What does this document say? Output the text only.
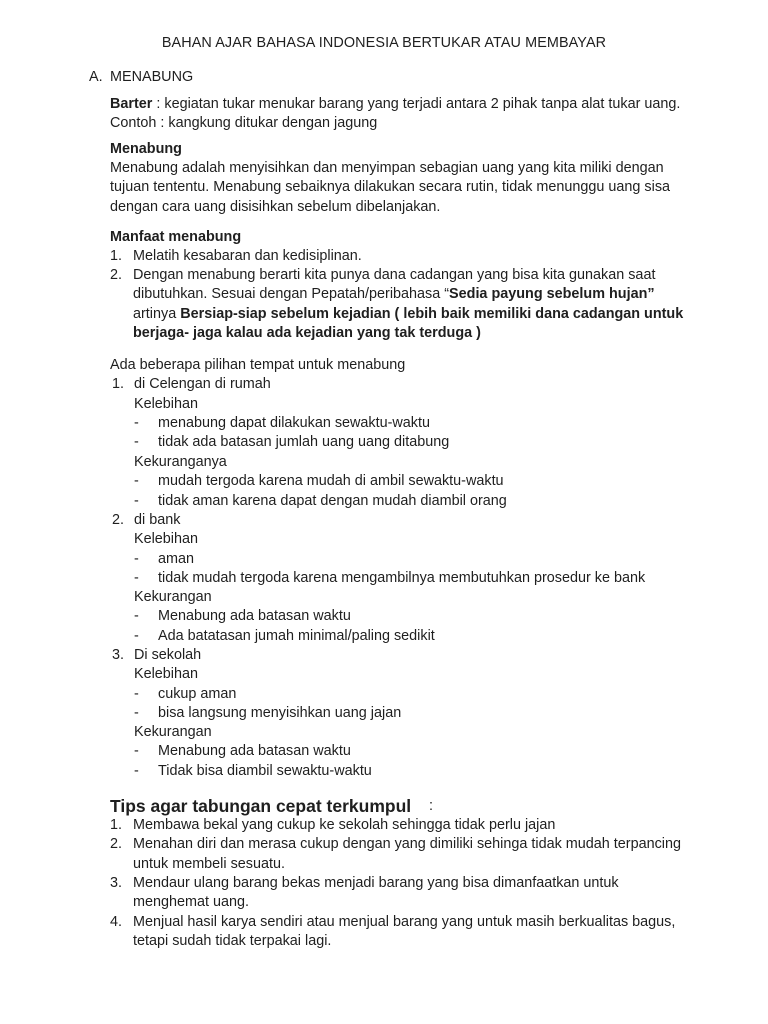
BAHAN AJAR BAHASA INDONESIA BERTUKAR ATAU MEMBAYAR
A. MENABUNG
Barter : kegiatan tukar menukar barang yang terjadi antara 2 pihak tanpa alat tukar uang.
Contoh : kangkung ditukar dengan jagung
Menabung
Menabung adalah menyisihkan dan menyimpan sebagian uang yang kita miliki dengan
tujuan tententu. Menabung sebaiknya dilakukan secara rutin, tidak menunggu uang sisa
dengan cara uang disisihkan sebelum dibelanjakan.
Manfaat menabung
1. Melatih kesabaran dan kedisiplinan.
2. Dengan menabung berarti kita punya dana cadangan yang bisa kita gunakan saat
dibutuhkan. Sesuai dengan Pepatah/peribahasa “Sedia payung sebelum hujan”
artinya Bersiap-siap sebelum kejadian ( lebih baik memiliki dana cadangan untuk
berjaga- jaga kalau ada kejadian yang tak terduga )
Ada beberapa pilihan tempat untuk menabung
1. di Celengan di rumah
Kelebihan
- menabung dapat dilakukan sewaktu-waktu
- tidak ada batasan jumlah uang uang ditabung
Kekuranganya
- mudah tergoda karena mudah di ambil sewaktu-waktu
- tidak aman karena dapat dengan mudah diambil orang
2. di bank
Kelebihan
- aman
- tidak mudah tergoda karena mengambilnya membutuhkan prosedur ke bank
Kekurangan
- Menabung ada batasan waktu
- Ada batatasan jumah minimal/paling sedikit
3. Di sekolah
Kelebihan
- cukup aman
- bisa langsung menyisihkan uang jajan
Kekurangan
- Menabung ada batasan waktu
- Tidak bisa diambil sewaktu-waktu
Tips agar tabungan cepat terkumpul :
1. Membawa bekal yang cukup ke sekolah sehingga tidak perlu jajan
2. Menahan diri dan merasa cukup dengan yang dimiliki sehinga tidak mudah terpancing
untuk membeli sesuatu.
3. Mendaur ulang barang bekas menjadi barang yang bisa dimanfaatkan untuk
menghemat uang.
4. Menjual hasil karya sendiri atau menjual barang yang untuk masih berkualitas bagus,
tetapi sudah tidak terpakai lagi.
